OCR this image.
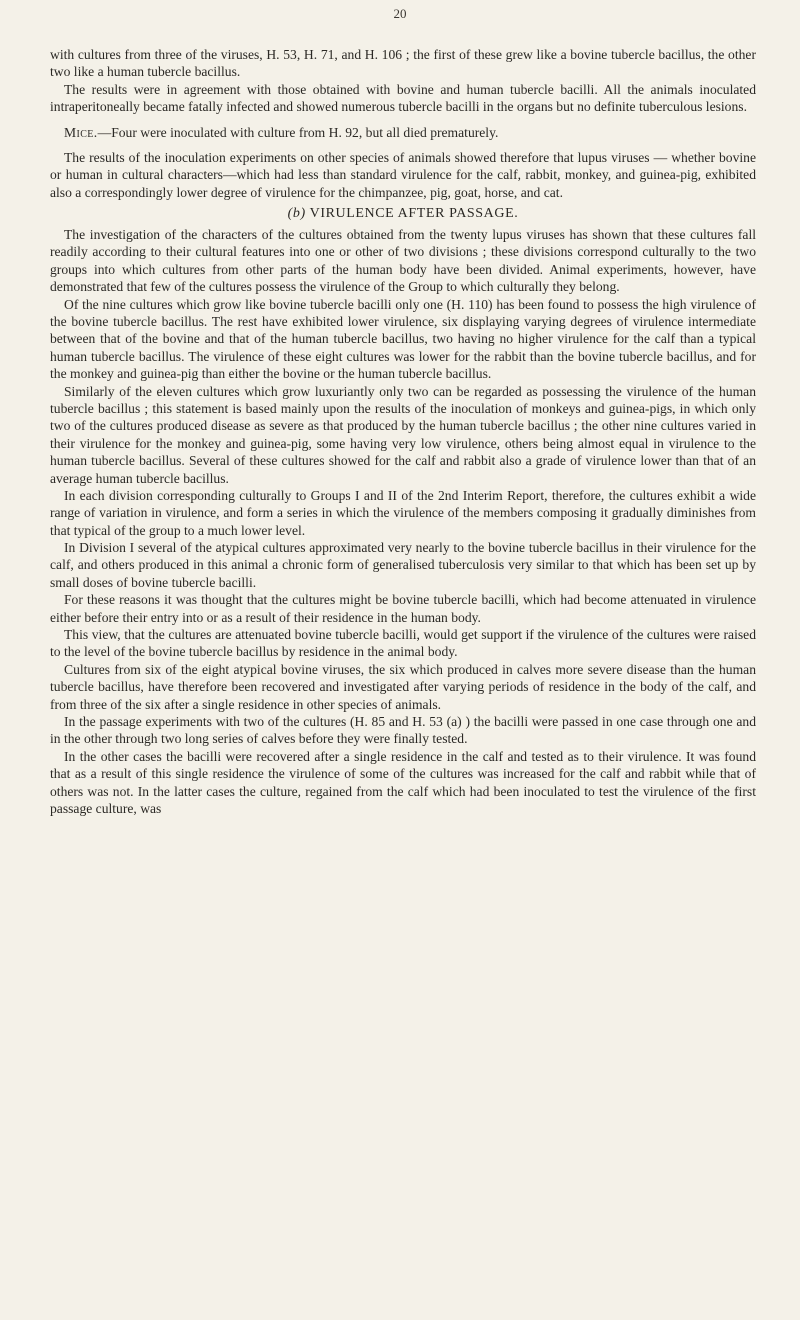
20

with cultures from three of the viruses, H. 53, H. 71, and H. 106 ; the first of these grew like a bovine tubercle bacillus, the other two like a human tubercle bacillus.

The results were in agreement with those obtained with bovine and human tubercle bacilli. All the animals inoculated intraperitoneally became fatally infected and showed numerous tubercle bacilli in the organs but no definite tuberculous lesions.

Mice.—Four were inoculated with culture from H. 92, but all died prematurely.

The results of the inoculation experiments on other species of animals showed therefore that lupus viruses — whether bovine or human in cultural characters—which had less than standard virulence for the calf, rabbit, monkey, and guinea-pig, exhibited also a correspondingly lower degree of virulence for the chimpanzee, pig, goat, horse, and cat.

(b) VIRULENCE AFTER PASSAGE.

The investigation of the characters of the cultures obtained from the twenty lupus viruses has shown that these cultures fall readily according to their cultural features into one or other of two divisions ; these divisions correspond culturally to the two groups into which cultures from other parts of the human body have been divided. Animal experiments, however, have demonstrated that few of the cultures possess the virulence of the Group to which culturally they belong.

Of the nine cultures which grow like bovine tubercle bacilli only one (H. 110) has been found to possess the high virulence of the bovine tubercle bacillus. The rest have exhibited lower virulence, six displaying varying degrees of virulence intermediate between that of the bovine and that of the human tubercle bacillus, two having no higher virulence for the calf than a typical human tubercle bacillus. The virulence of these eight cultures was lower for the rabbit than the bovine tubercle bacillus, and for the monkey and guinea-pig than either the bovine or the human tubercle bacillus.

Similarly of the eleven cultures which grow luxuriantly only two can be regarded as possessing the virulence of the human tubercle bacillus ; this statement is based mainly upon the results of the inoculation of monkeys and guinea-pigs, in which only two of the cultures produced disease as severe as that produced by the human tubercle bacillus ; the other nine cultures varied in their virulence for the monkey and guinea-pig, some having very low virulence, others being almost equal in virulence to the human tubercle bacillus. Several of these cultures showed for the calf and rabbit also a grade of virulence lower than that of an average human tubercle bacillus.

In each division corresponding culturally to Groups I and II of the 2nd Interim Report, therefore, the cultures exhibit a wide range of variation in virulence, and form a series in which the virulence of the members composing it gradually diminishes from that typical of the group to a much lower level.

In Division I several of the atypical cultures approximated very nearly to the bovine tubercle bacillus in their virulence for the calf, and others produced in this animal a chronic form of generalised tuberculosis very similar to that which has been set up by small doses of bovine tubercle bacilli.

For these reasons it was thought that the cultures might be bovine tubercle bacilli, which had become attenuated in virulence either before their entry into or as a result of their residence in the human body.

This view, that the cultures are attenuated bovine tubercle bacilli, would get support if the virulence of the cultures were raised to the level of the bovine tubercle bacillus by residence in the animal body.

Cultures from six of the eight atypical bovine viruses, the six which produced in calves more severe disease than the human tubercle bacillus, have therefore been recovered and investigated after varying periods of residence in the body of the calf, and from three of the six after a single residence in other species of animals.

In the passage experiments with two of the cultures (H. 85 and H. 53 (a) ) the bacilli were passed in one case through one and in the other through two long series of calves before they were finally tested.

In the other cases the bacilli were recovered after a single residence in the calf and tested as to their virulence. It was found that as a result of this single residence the virulence of some of the cultures was increased for the calf and rabbit while that of others was not. In the latter cases the culture, regained from the calf which had been inoculated to test the virulence of the first passage culture, was
